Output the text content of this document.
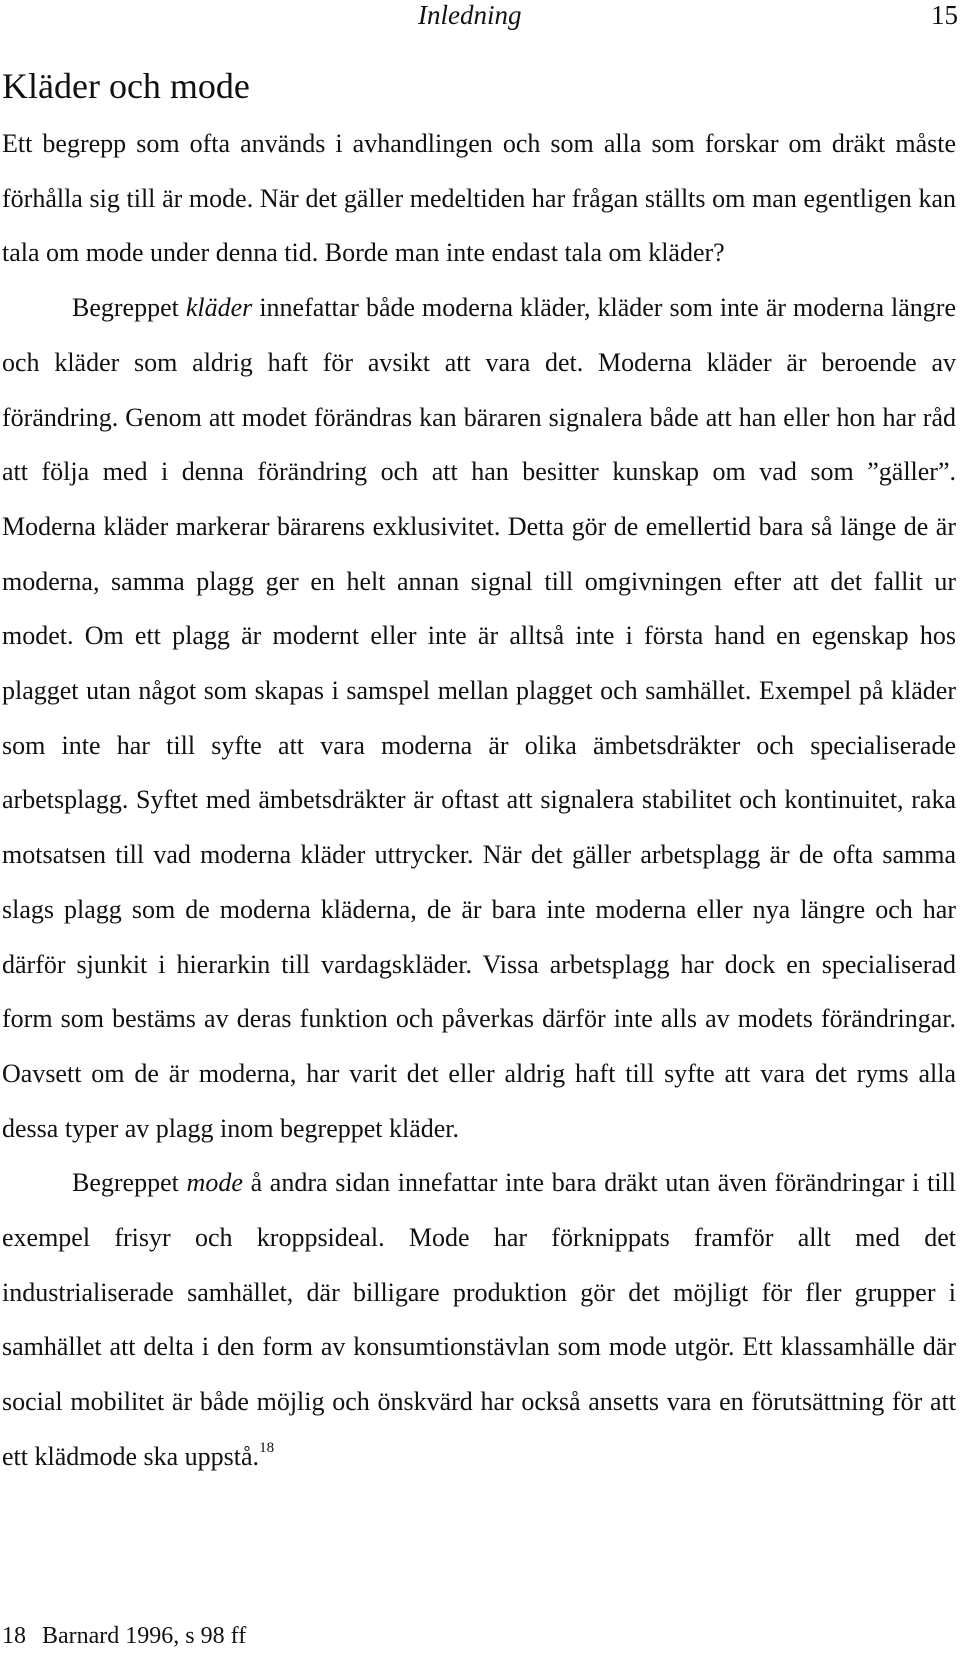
Inledning	15
Kläder och mode

Ett begrepp som ofta används i avhandlingen och som alla som forskar om dräkt måste förhålla sig till är mode. När det gäller medeltiden har frågan ställts om man egentligen kan tala om mode under denna tid. Borde man inte endast tala om kläder?

Begreppet kläder innefattar både moderna kläder, kläder som inte är moderna längre och kläder som aldrig haft för avsikt att vara det. Moderna kläder är beroende av förändring. Genom att modet förändras kan bäraren signalera både att han eller hon har råd att följa med i denna förändring och att han besitter kunskap om vad som ”gäller”. Moderna kläder markerar bärarens exklusivitet. Detta gör de emellertid bara så länge de är moderna, samma plagg ger en helt annan signal till omgivningen efter att det fallit ur modet. Om ett plagg är modernt eller inte är alltså inte i första hand en egenskap hos plagget utan något som skapas i samspel mellan plagget och samhället. Exempel på kläder som inte har till syfte att vara moderna är olika ämbetsdräkter och specialiserade arbetsplagg. Syftet med ämbetsdräkter är oftast att signalera stabilitet och kontinuitet, raka motsatsen till vad moderna kläder uttrycker. När det gäller arbetsplagg är de ofta samma slags plagg som de moderna kläderna, de är bara inte moderna eller nya längre och har därför sjunkit i hierarkin till vardagskläder. Vissa arbetsplagg har dock en specialiserad form som bestäms av deras funktion och påverkas därför inte alls av modets förändringar. Oavsett om de är moderna, har varit det eller aldrig haft till syfte att vara det ryms alla dessa typer av plagg inom begreppet kläder.

Begreppet mode å andra sidan innefattar inte bara dräkt utan även förändringar i till exempel frisyr och kroppsideal. Mode har förknippats framför allt med det industrialiserade samhället, där billigare produktion gör det möjligt för fler grupper i samhället att delta i den form av konsumtionstävlan som mode utgör. Ett klassamhälle där social mobilitet är både möjlig och önskvärd har också ansetts vara en förutsättning för att ett klädmode ska uppstå.$^{18}$

18 Barnard 1996, s 98 ff
